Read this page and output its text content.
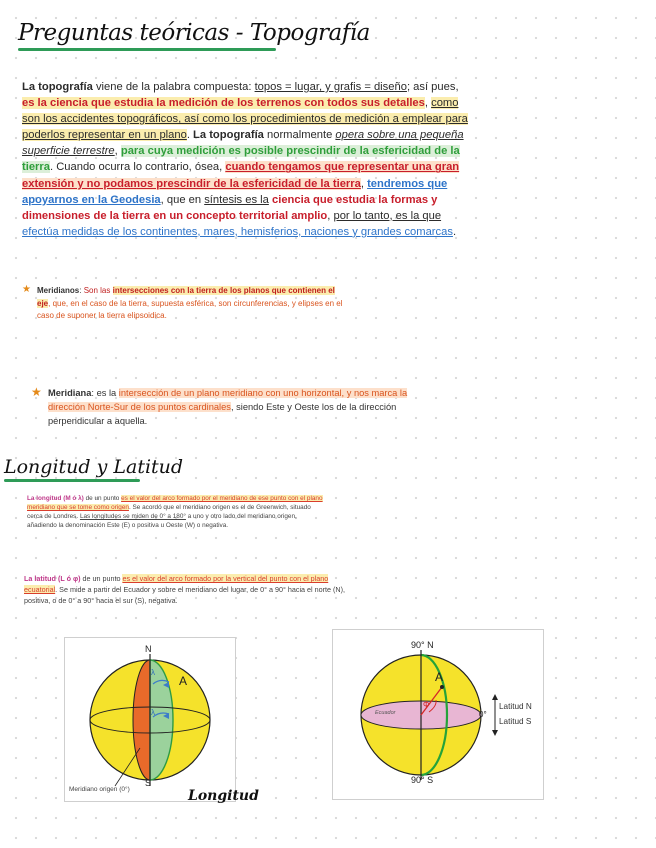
Preguntas teóricas - Topografía
La topografía viene de la palabra compuesta: topos = lugar, y grafis = diseño; así pues, es la ciencia que estudia la medición de los terrenos con todos sus detalles, como son los accidentes topográficos, así como los procedimientos de medición a emplear para poderlos representar en un plano. La topografía normalmente opera sobre una pequeña superficie terrestre, para cuya medición es posible prescindir de la esfericidad de la tierra. Cuando ocurra lo contrario, ósea, cuando tengamos que representar una gran extensión y no podamos prescindir de la esfericidad de la tierra, tendremos que apoyarnos en la Geodesia, que en síntesis es la ciencia que estudia la formas y dimensiones de la tierra en un concepto territorial amplio, por lo tanto, es la que efectúa medidas de los continentes, mares, hemisferios, naciones y grandes comarcas.
★ Meridianos: Son las intersecciones con la tierra de los planos que contienen el eje, que, en el caso de la tierra, supuesta esférica, son circunferencias, y elipses en el caso de suponer la tierra elipsoidica.
★ Meridiana: es la intersección de un plano meridiano con uno horizontal, y nos marca la dirección Norte-Sur de los puntos cardinales, siendo Este y Oeste los de la dirección perpendicular a aquella.
Longitud y Latitud
La longitud (M ó λ) de un punto es el valor del arco formado por el meridiano de ese punto con el plano meridiano que se tome como origen. Se acordó que el meridiano origen es el de Greenwich, situado cerca de Londres. Las longitudes se miden de 0° a 180° a uno y otro lado del meridiano origen, añadiendo la denominación Este (E) o positiva u Oeste (W) o negativa.
La latitud (L ó φ) de un punto es el valor del arco formado por la vertical del punto con el plano ecuatorial. Se mide a partir del Ecuador y sobre el meridiano del lugar, de 0° a 90° hacia el norte (N), positiva, o de 0° a 90° hacia el sur (S), negativa.
N
S
A
λ
λ
Meridiano origen (0°)	Longitud
90° N
90° S
A
Φ
Ecuador	0°
Latitud N
Latitud S
